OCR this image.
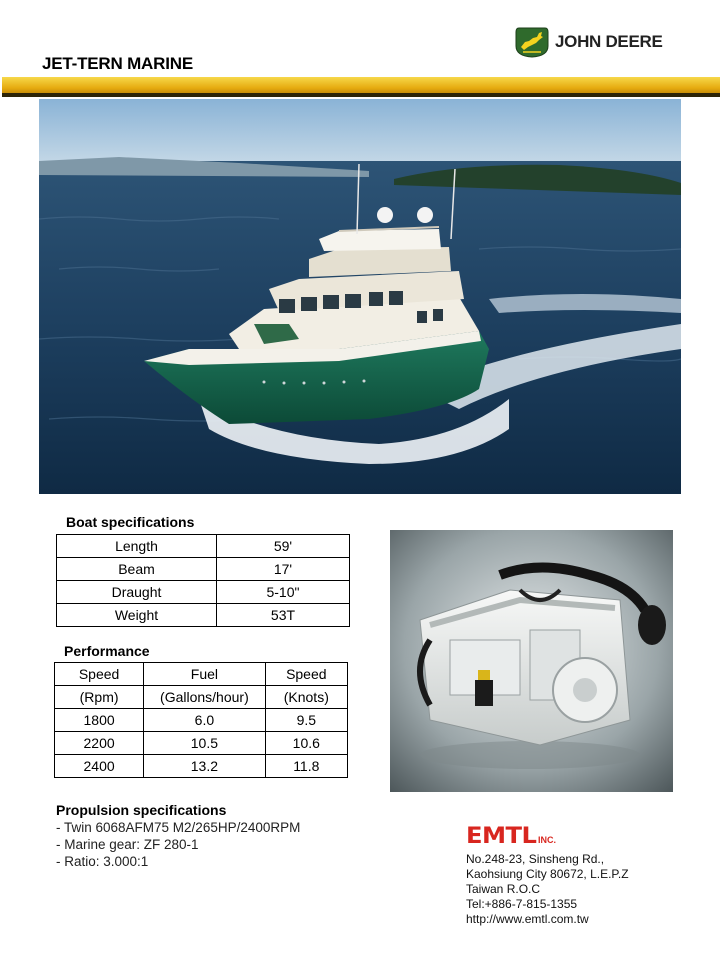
JET-TERN MARINE
JOHN DEERE
Boat specifications
Length	59'
Beam	17'
Draught	5-10"
Weight	53T
Performance
Speed	Fuel	Speed
(Rpm)	(Gallons/hour)	(Knots)
1800	6.0	9.5
2200	10.5	10.6
2400	13.2	11.8
Propulsion specifications
- Twin 6068AFM75 M2/265HP/2400RPM
- Marine gear: ZF 280-1
- Ratio: 3.000:1
EMTL INC.
No.248-23, Sinsheng Rd.,
Kaohsiung City 80672, L.E.P.Z
Taiwan R.O.C
Tel:+886-7-815-1355
http://www.emtl.com.tw
